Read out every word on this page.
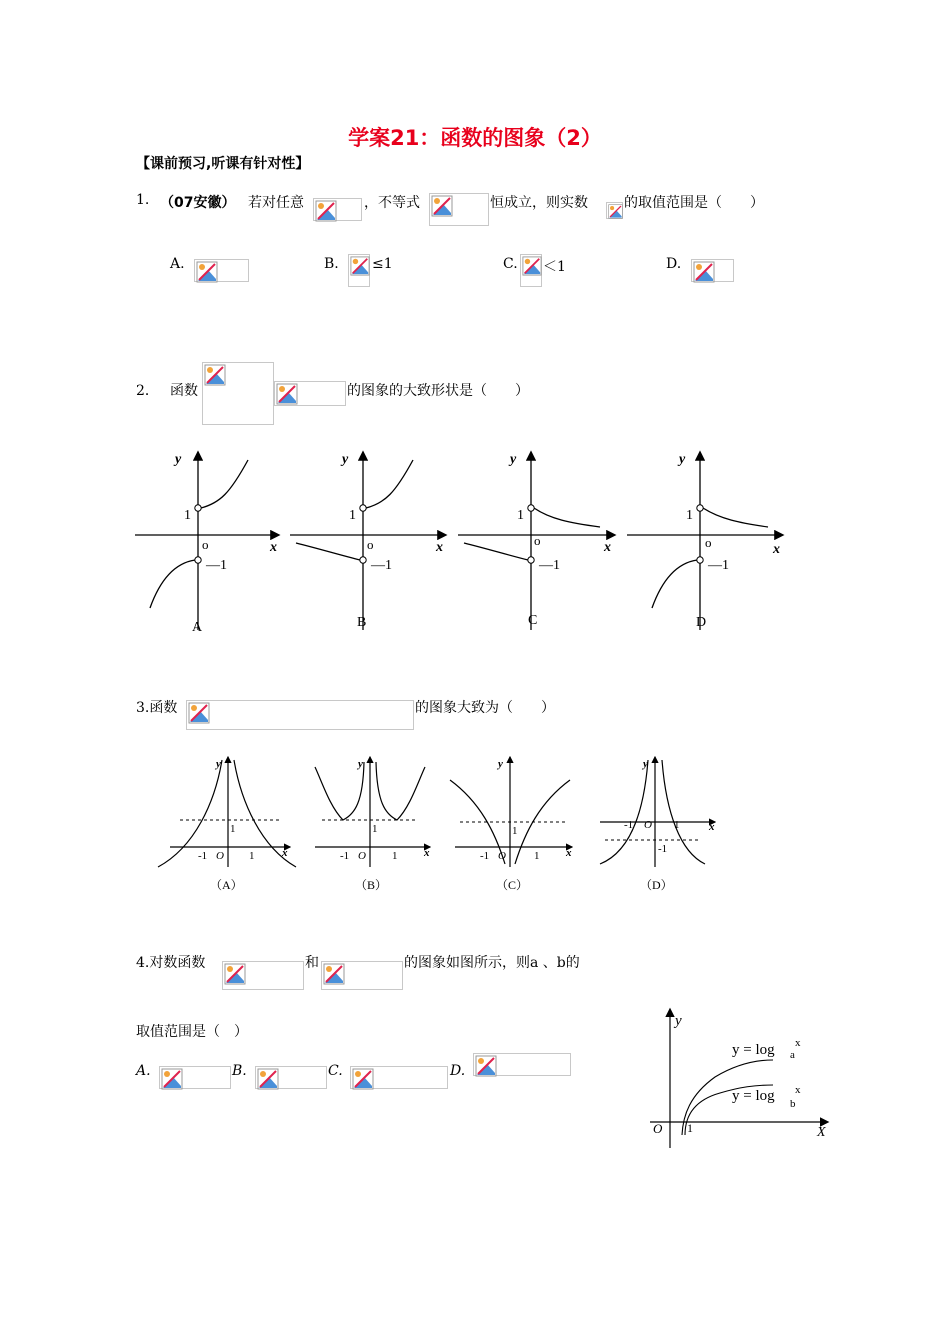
学案21：函数的图象（2）
【课前预习,听课有针对性】
1. （07安徽） 若对任意	，不等式	恒成立，则实数	的取值范围是（　　）
A.	B. ≤1	C. ＜1	D.
2． 函数	的图象的大致形状是（　　）
y
x
1
o
—1
A
y
x
1
o
—1
B
y
x
1
o
—1
C
y
x
1
o
—1
D
3.函数	的图象大致为（　　）
y
x
1
-1 O 1
（A）
y
x
1
-1 O 1
（B）
y
x
1
-1 O	1
（C）
y
x
-1 O 1
-1
（D）
4.对数函数	和	的图象如图所示，则a 、b的
取值范围是（　）
A.	B.	C.	D.
y
X
O 1
y = log a
x
y = log b
x
